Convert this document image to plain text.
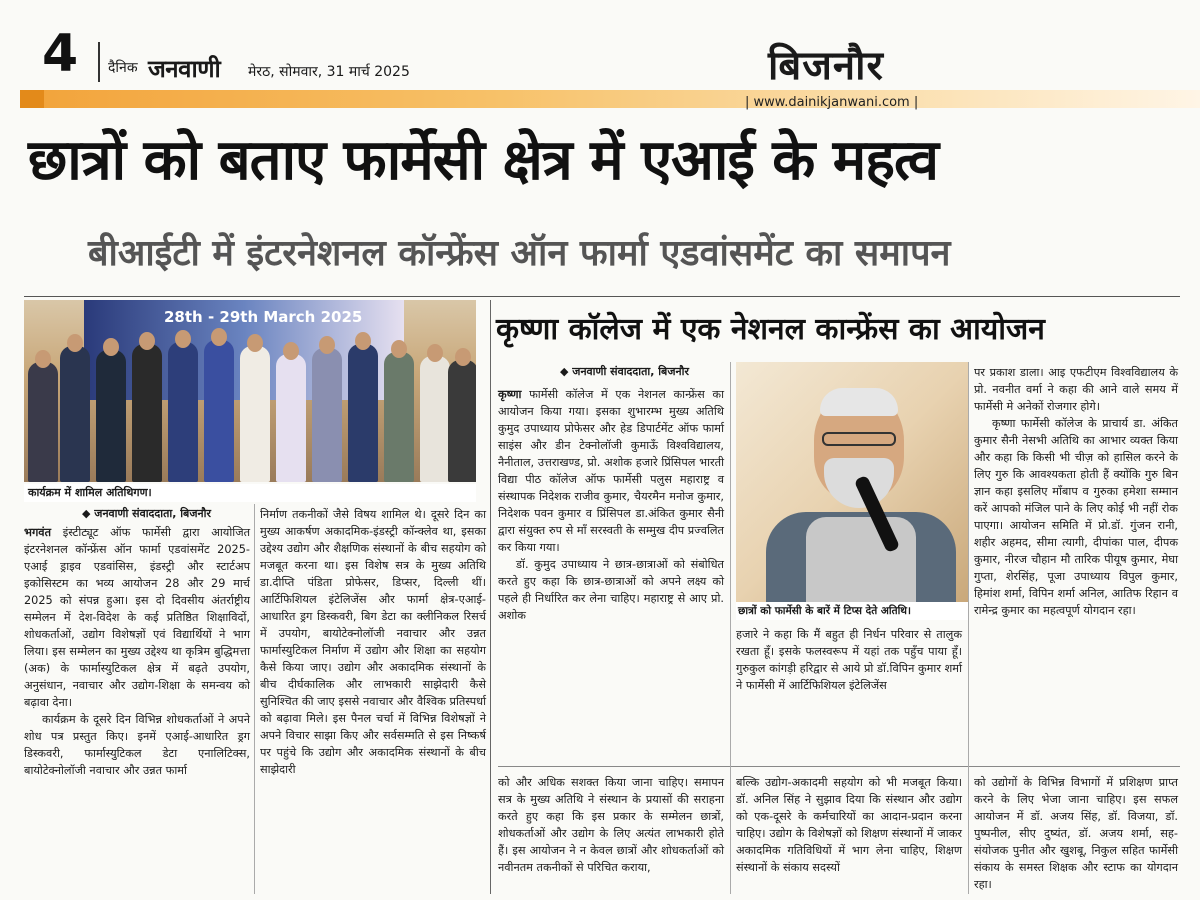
4 दैनिक जनवाणी मेरठ, सोमवार, 31 मार्च 2025	बिजनौर
| www.dainikjanwani.com |
छात्रों को बताए फार्मेसी क्षेत्र में एआई के महत्व
बीआईटी में इंटरनेशनल कॉन्फ्रेंस ऑन फार्मा एडवांसमेंट का समापन
28th - 29th March 2025
कार्यक्रम में शामिल अतिथिगण।
◆ जनवाणी संवाददाता, बिजनौर

भगवंत इंस्टीट्यूट ऑफ फार्मेसी द्वारा आयोजित इंटरनेशनल कॉन्फ्रेंस ऑन फार्मा एडवांसमेंट 2025-एआई ड्राइव एडवांसिस, इंडस्ट्री और स्टार्टअप इकोसिस्टम का भव्य आयोजन 28 और 29 मार्च 2025 को संपन्न हुआ। इस दो दिवसीय अंतर्राष्ट्रीय सम्मेलन में देश-विदेश के कई प्रतिष्ठित शिक्षाविदों, शोधकर्ताओं, उद्योग विशेषज्ञों एवं विद्यार्थियों ने भाग लिया। इस सम्मेलन का मुख्य उद्देश्य था कृत्रिम बुद्धिमत्ता (अक) के फार्मास्युटिकल क्षेत्र में बढ़ते उपयोग, अनुसंधान, नवाचार और उद्योग-शिक्षा के समन्वय को बढ़ावा देना।

कार्यक्रम के दूसरे दिन विभिन्न शोधकर्ताओं ने अपने शोध पत्र प्रस्तुत किए। इनमें एआई-आधारित ड्रग डिस्कवरी, फार्मास्युटिकल डेटा एनालिटिक्स, बायोटेक्नोलॉजी नवाचार और उन्नत फार्मा

निर्माण तकनीकों जैसे विषय शामिल थे। दूसरे दिन का मुख्य आकर्षण अकादमिक-इंडस्ट्री कॉन्क्लेव था, इसका उद्देश्य उद्योग और शैक्षणिक संस्थानों के बीच सहयोग को मजबूत करना था। इस विशेष सत्र के मुख्य अतिथि डा.दीप्ति पंडिता प्रोफेसर, डिप्सर, दिल्ली थीं। आर्टिफिशियल इंटेलिजेंस और फार्मा क्षेत्र-एआई-आधारित ड्रग डिस्कवरी, बिग डेटा का क्लीनिकल रिसर्च में उपयोग, बायोटेक्नोलॉजी नवाचार और उन्नत फार्मास्युटिकल निर्माण में उद्योग और शिक्षा का सहयोग कैसे किया जाए। उद्योग और अकादमिक संस्थानों के बीच दीर्घकालिक और लाभकारी साझेदारी कैसे सुनिश्चित की जाए इससे नवाचार और वैश्विक प्रतिस्पर्धा को बढ़ावा मिले। इस पैनल चर्चा में विभिन्न विशेषज्ञों ने अपने विचार साझा किए और सर्वसम्मति से इस निष्कर्ष पर पहुंचे कि उद्योग और अकादमिक संस्थानों के बीच साझेदारी

कृष्णा कॉलेज में एक नेशनल कान्फ्रेंस का आयोजन
◆ जनवाणी संवाददाता, बिजनौर

कृष्णा फार्मेसी कॉलेज में एक नेशनल कान्फ्रेंस का आयोजन किया गया। इसका शुभारम्भ मुख्य अतिथि कुमुद उपाध्याय प्रोफेसर और हेड डिपार्टमेंट ऑफ फार्मा साइंस और डीन टेक्नोलॉजी कुमाऊँ विश्वविद्यालय, नैनीताल, उत्तराखण्ड, प्रो. अशोक हजारे प्रिंसिपल भारती विद्या पीठ कॉलेज ऑफ फार्मेसी पलुस महाराष्ट्र व संस्थापक निदेशक राजीव कुमार, चैयरमैन मनोज कुमार, निदेशक पवन कुमार व प्रिंसिपल डा.अंकित कुमार सैनी द्वारा संयुक्त रुप से माँ सरस्वती के सम्मुख दीप प्रज्वलित कर किया गया।

डॉ. कुमुद उपाध्याय ने छात्र-छात्राओं को संबोधित करते हुए कहा कि छात्र-छात्राओं को अपने लक्ष्य को पहले ही निर्धारित कर लेना चाहिए। महाराष्ट्र से आए प्रो. अशोक	छात्रों को फार्मेसी के बारें में टिप्स देते अतिथि।

हजारे ने कहा कि मैं बहुत ही निर्धन परिवार से तालुक रखता हूँ। इसके फलस्वरूप में यहां तक पहुँच पाया हूँ। गुरुकुल कांगड़ी हरिद्वार से आये प्रो डॉ.विपिन कुमार शर्मा ने फार्मेसी में आर्टिफिशियल इंटेलिजेंस

पर प्रकाश डाला। आइ एफटीएम विश्वविद्यालय के प्रो. नवनीत वर्मा ने कहा की आने वाले समय में फार्मेसी मे अनेकों रोजगार होगे।

कृष्णा फार्मेसी कॉलेज के प्राचार्य डा. अंकित कुमार सैनी नेसभी अतिथि का आभार व्यक्त किया और कहा कि किसी भी चीज़ को हासिल करने के लिए गुरु कि आवश्यकता होती हैं क्योंकि गुरु बिन ज्ञान कहा इसलिए माँबाप व गुरुका हमेशा सम्मान करें आपको मंजिल पाने के लिए कोई भी नहीं रोक पाएगा। आयोजन समिति में प्रो.डॉ. गुंजन रानी, शहीर अहमद, सीमा त्यागी, दीपांका पाल, दीपक कुमार, नीरज चौहान मौ तारिक पीयूष कुमार, मेघा गुप्ता, शेरसिंह, पूजा उपाध्याय विपुल कुमार, हिमांश शर्मा, विपिन शर्मा अनिल, आतिफ रिहान व रामेन्द्र कुमार का महत्वपूर्ण योगदान रहा।

को और अधिक सशक्त किया जाना चाहिए। समापन सत्र के मुख्य अतिथि ने संस्थान के प्रयासों की सराहना करते हुए कहा कि इस प्रकार के सम्मेलन छात्रों, शोधकर्ताओं और उद्योग के लिए अत्यंत लाभकारी होते हैं। इस आयोजन ने न केवल छात्रों और शोधकर्ताओं को नवीनतम तकनीकों से परिचित कराया,
बल्कि उद्योग-अकादमी सहयोग को भी मजबूत किया। डॉ. अनिल सिंह ने सुझाव दिया कि संस्थान और उद्योग को एक-दूसरे के कर्मचारियों का आदान-प्रदान करना चाहिए। उद्योग के विशेषज्ञों को शिक्षण संस्थानों में जाकर अकादमिक गतिविधियों में भाग लेना चाहिए, शिक्षण संस्थानों के संकाय सदस्यों
को उद्योगों के विभिन्न विभागों में प्रशिक्षण प्राप्त करने के लिए भेजा जाना चाहिए। इस सफल आयोजन में डॉ. अजय सिंह, डॉ. विजया, डॉ. पुष्पनील, सीए दुष्यंत, डॉ. अजय शर्मा, सह-संयोजक पुनीत और खुशबू, निकुल सहित फार्मेसी संकाय के समस्त शिक्षक और स्टाफ का योगदान रहा।
